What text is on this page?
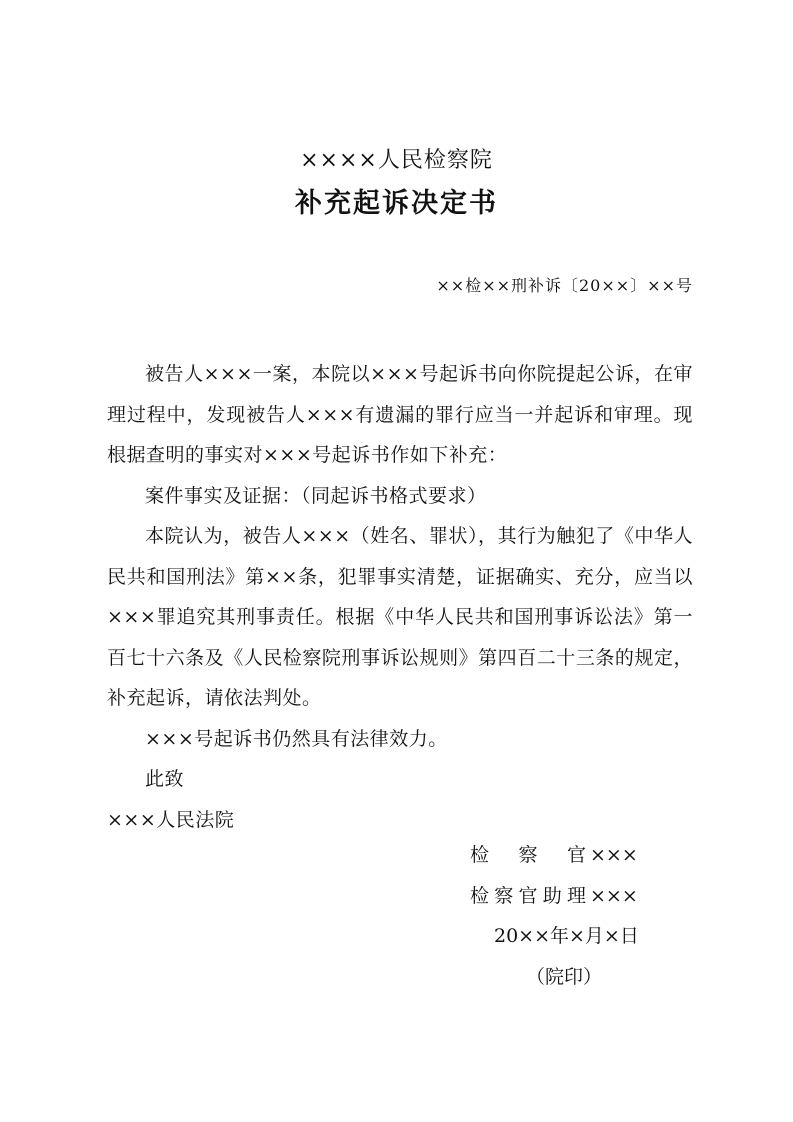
××××人民检察院
补充起诉决定书
××检××刑补诉〔20××〕××号

被告人×××一案，本院以×××号起诉书向你院提起公诉，在审理过程中，发现被告人×××有遗漏的罪行应当一并起诉和审理。现根据查明的事实对×××号起诉书作如下补充：

案件事实及证据：（同起诉书格式要求）

本院认为，被告人×××（姓名、罪状），其行为触犯了《中华人民共和国刑法》第××条，犯罪事实清楚，证据确实、充分，应当以×××罪追究其刑事责任。根据《中华人民共和国刑事诉讼法》第一百七十六条及《人民检察院刑事诉讼规则》第四百二十三条的规定，补充起诉，请依法判处。

×××号起诉书仍然具有法律效力。

此致

×××人民法院

检察官 ×××
检察官助理 ×××
20××年×月×日
（院印）
